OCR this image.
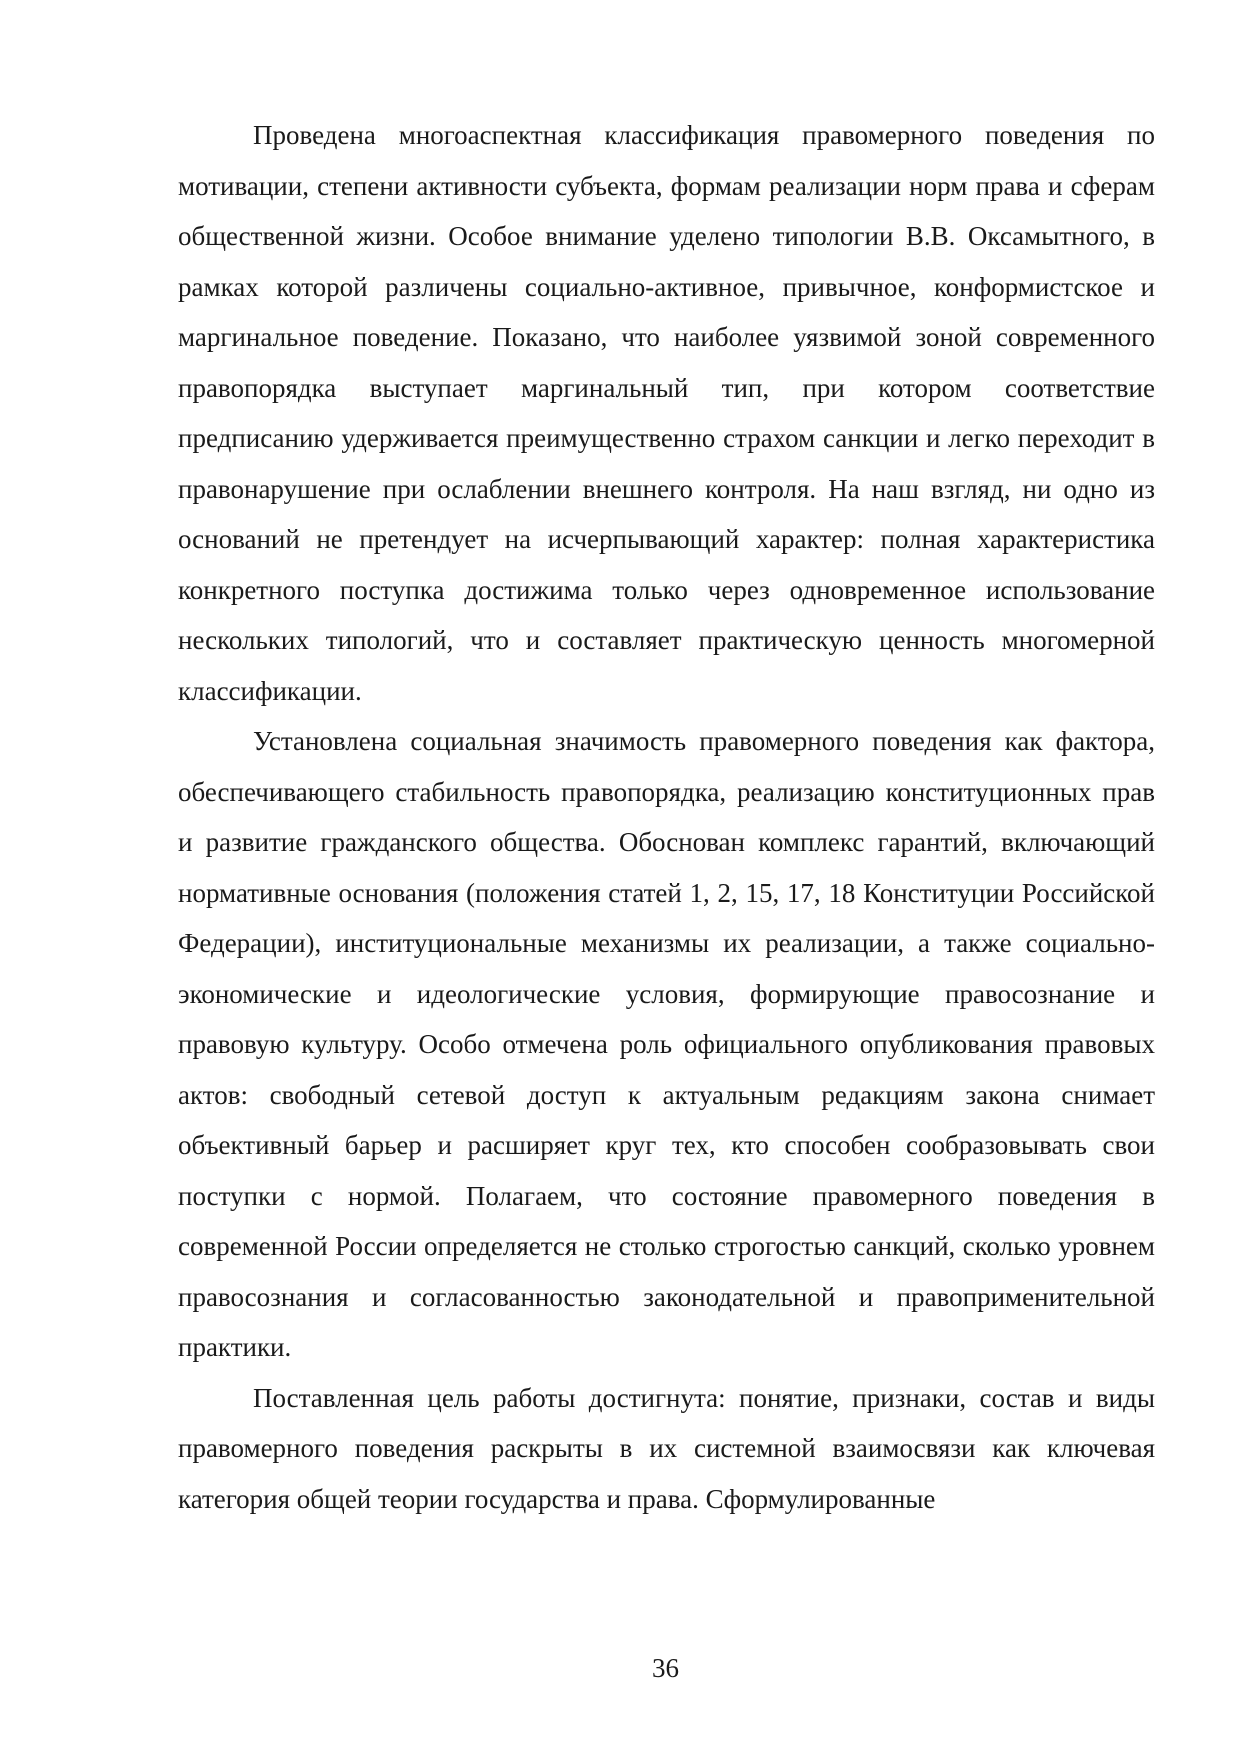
Проведена многоаспектная классификация правомерного поведения по мотивации, степени активности субъекта, формам реализации норм права и сферам общественной жизни. Особое внимание уделено типологии В.В. Оксамытного, в рамках которой различены социально-активное, привычное, конформистское и маргинальное поведение. Показано, что наиболее уязвимой зоной современного правопорядка выступает маргинальный тип, при котором соответствие предписанию удерживается преимущественно страхом санкции и легко переходит в правонарушение при ослаблении внешнего контроля. На наш взгляд, ни одно из оснований не претендует на исчерпывающий характер: полная характеристика конкретного поступка достижима только через одновременное использование нескольких типологий, что и составляет практическую ценность многомерной классификации.

Установлена социальная значимость правомерного поведения как фактора, обеспечивающего стабильность правопорядка, реализацию конституционных прав и развитие гражданского общества. Обоснован комплекс гарантий, включающий нормативные основания (положения статей 1, 2, 15, 17, 18 Конституции Российской Федерации), институциональные механизмы их реализации, а также социально-экономические и идеологические условия, формирующие правосознание и правовую культуру. Особо отмечена роль официального опубликования правовых актов: свободный сетевой доступ к актуальным редакциям закона снимает объективный барьер и расширяет круг тех, кто способен сообразовывать свои поступки с нормой. Полагаем, что состояние правомерного поведения в современной России определяется не столько строгостью санкций, сколько уровнем правосознания и согласованностью законодательной и правоприменительной практики.

Поставленная цель работы достигнута: понятие, признаки, состав и виды правомерного поведения раскрыты в их системной взаимосвязи как ключевая категория общей теории государства и права. Сформулированные

36
